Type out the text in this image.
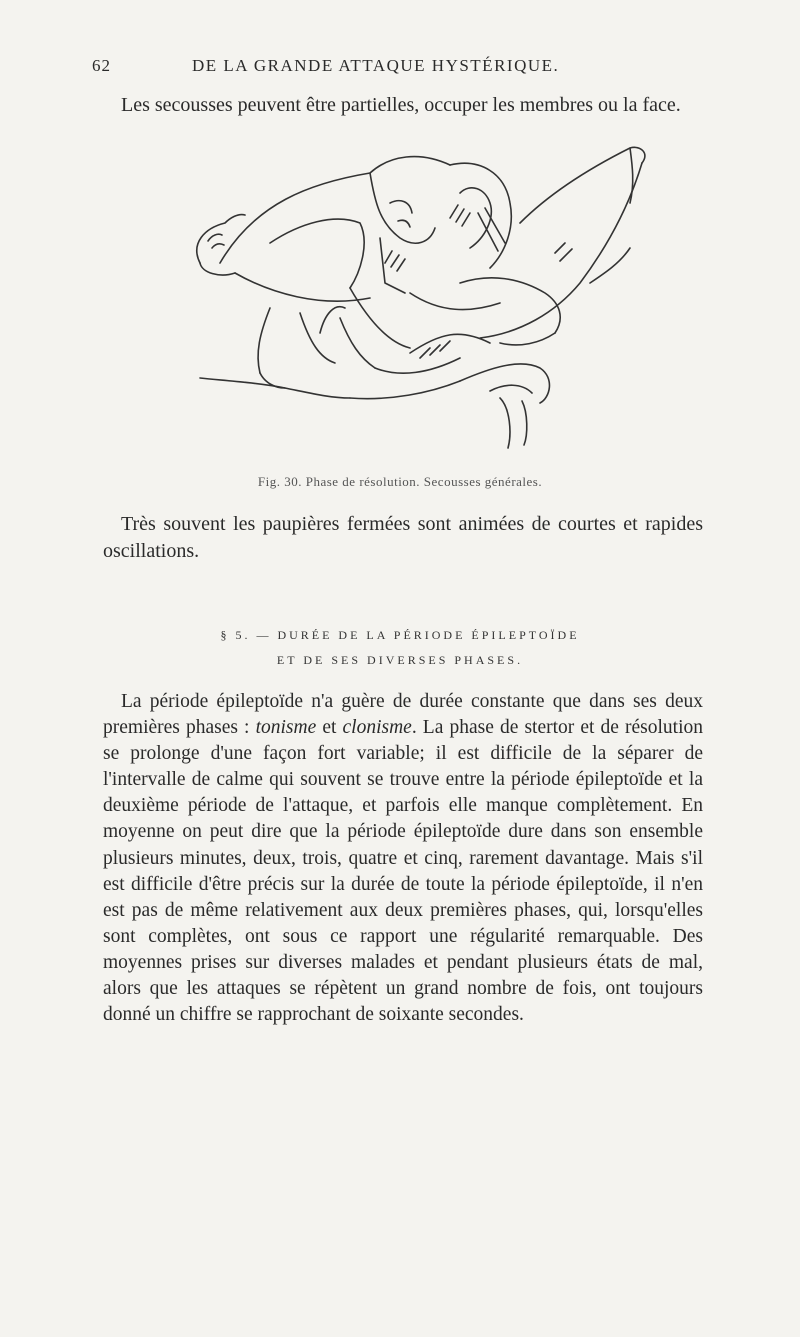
62	DE LA GRANDE ATTAQUE HYSTÉRIQUE.
Les secousses peuvent être partielles, occuper les membres ou la face.
Fig. 30. Phase de résolution. Secousses générales.
Très souvent les paupières fermées sont animées de courtes et rapides oscillations.
§ 5. — DURÉE DE LA PÉRIODE ÉPILEPTOÏDE
ET DE SES DIVERSES PHASES.
La période épileptoïde n'a guère de durée constante que dans ses deux premières phases : tonisme et clonisme. La phase de stertor et de résolution se prolonge d'une façon fort variable; il est difficile de la séparer de l'intervalle de calme qui souvent se trouve entre la période épileptoïde et la deuxième période de l'attaque, et parfois elle manque complètement. En moyenne on peut dire que la période épileptoïde dure dans son ensemble plusieurs minutes, deux, trois, quatre et cinq, rarement davantage. Mais s'il est difficile d'être précis sur la durée de toute la période épileptoïde, il n'en est pas de même relativement aux deux premières phases, qui, lorsqu'elles sont complètes, ont sous ce rapport une régularité remarquable. Des moyennes prises sur diverses malades et pendant plusieurs états de mal, alors que les attaques se répètent un grand nombre de fois, ont toujours donné un chiffre se rapprochant de soixante secondes.
